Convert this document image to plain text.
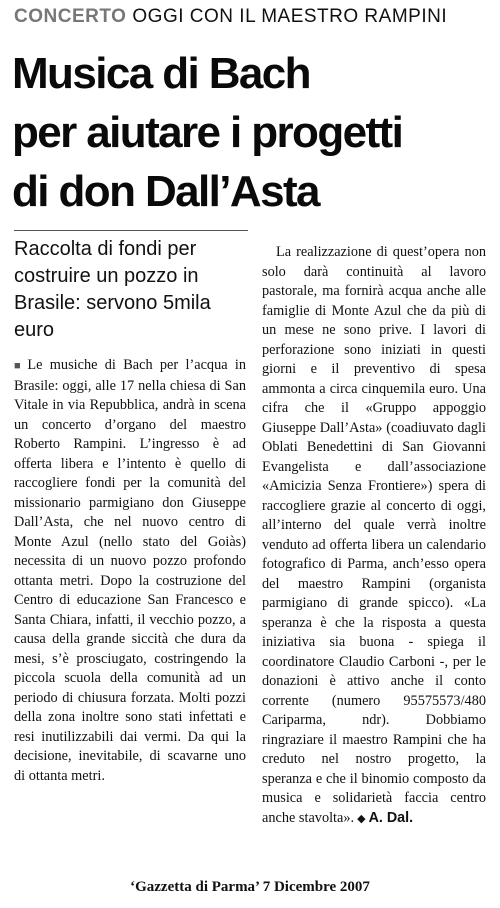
CONCERTO OGGI CON IL MAESTRO RAMPINI
Musica di Bach
per aiutare i progetti
di don Dall’Asta
Raccolta di fondi per costruire un pozzo in Brasile: servono 5mila euro

■ Le musiche di Bach per l’acqua in Brasile: oggi, alle 17 nella chiesa di San Vitale in via Repubblica, andrà in scena un concerto d’organo del maestro Roberto Rampini. L’ingresso è ad offerta libera e l’intento è quello di raccogliere fondi per la comunità del missionario parmigiano don Giuseppe Dall’Asta, che nel nuovo centro di Monte Azul (nello stato del Goiàs) necessita di un nuovo pozzo profondo ottanta metri. Dopo la costruzione del Centro di educazione San Francesco e Santa Chiara, infatti, il vecchio pozzo, a causa della grande siccità che dura da mesi, s’è prosciugato, costringendo la piccola scuola della comunità ad un periodo di chiusura forzata. Molti pozzi della zona inoltre sono stati infettati e resi inutilizzabili dai vermi. Da qui la decisione, inevitabile, di scavarne uno di ottanta metri.

La realizzazione di quest’opera non solo darà continuità al lavoro pastorale, ma fornirà acqua anche alle famiglie di Monte Azul che da più di un mese ne sono prive. I lavori di perforazione sono iniziati in questi giorni e il preventivo di spesa ammonta a circa cinquemila euro. Una cifra che il «Gruppo appoggio Giuseppe Dall’Asta» (coadiuvato dagli Oblati Benedettini di San Giovanni Evangelista e dall’associazione «Amicizia Senza Frontiere») spera di raccogliere grazie al concerto di oggi, all’interno del quale verrà inoltre venduto ad offerta libera un calendario fotografico di Parma, anch’esso opera del maestro Rampini (organista parmigiano di grande spicco). «La speranza è che la risposta a questa iniziativa sia buona - spiega il coordinatore Claudio Carboni -, per le donazioni è attivo anche il conto corrente (numero 95575573/480 Cariparma, ndr). Dobbiamo ringraziare il maestro Rampini che ha creduto nel nostro progetto, la speranza e che il binomio composto da musica e solidarietà faccia centro anche stavolta». ◆ A. Dal.

‘Gazzetta di Parma’ 7 Dicembre 2007
